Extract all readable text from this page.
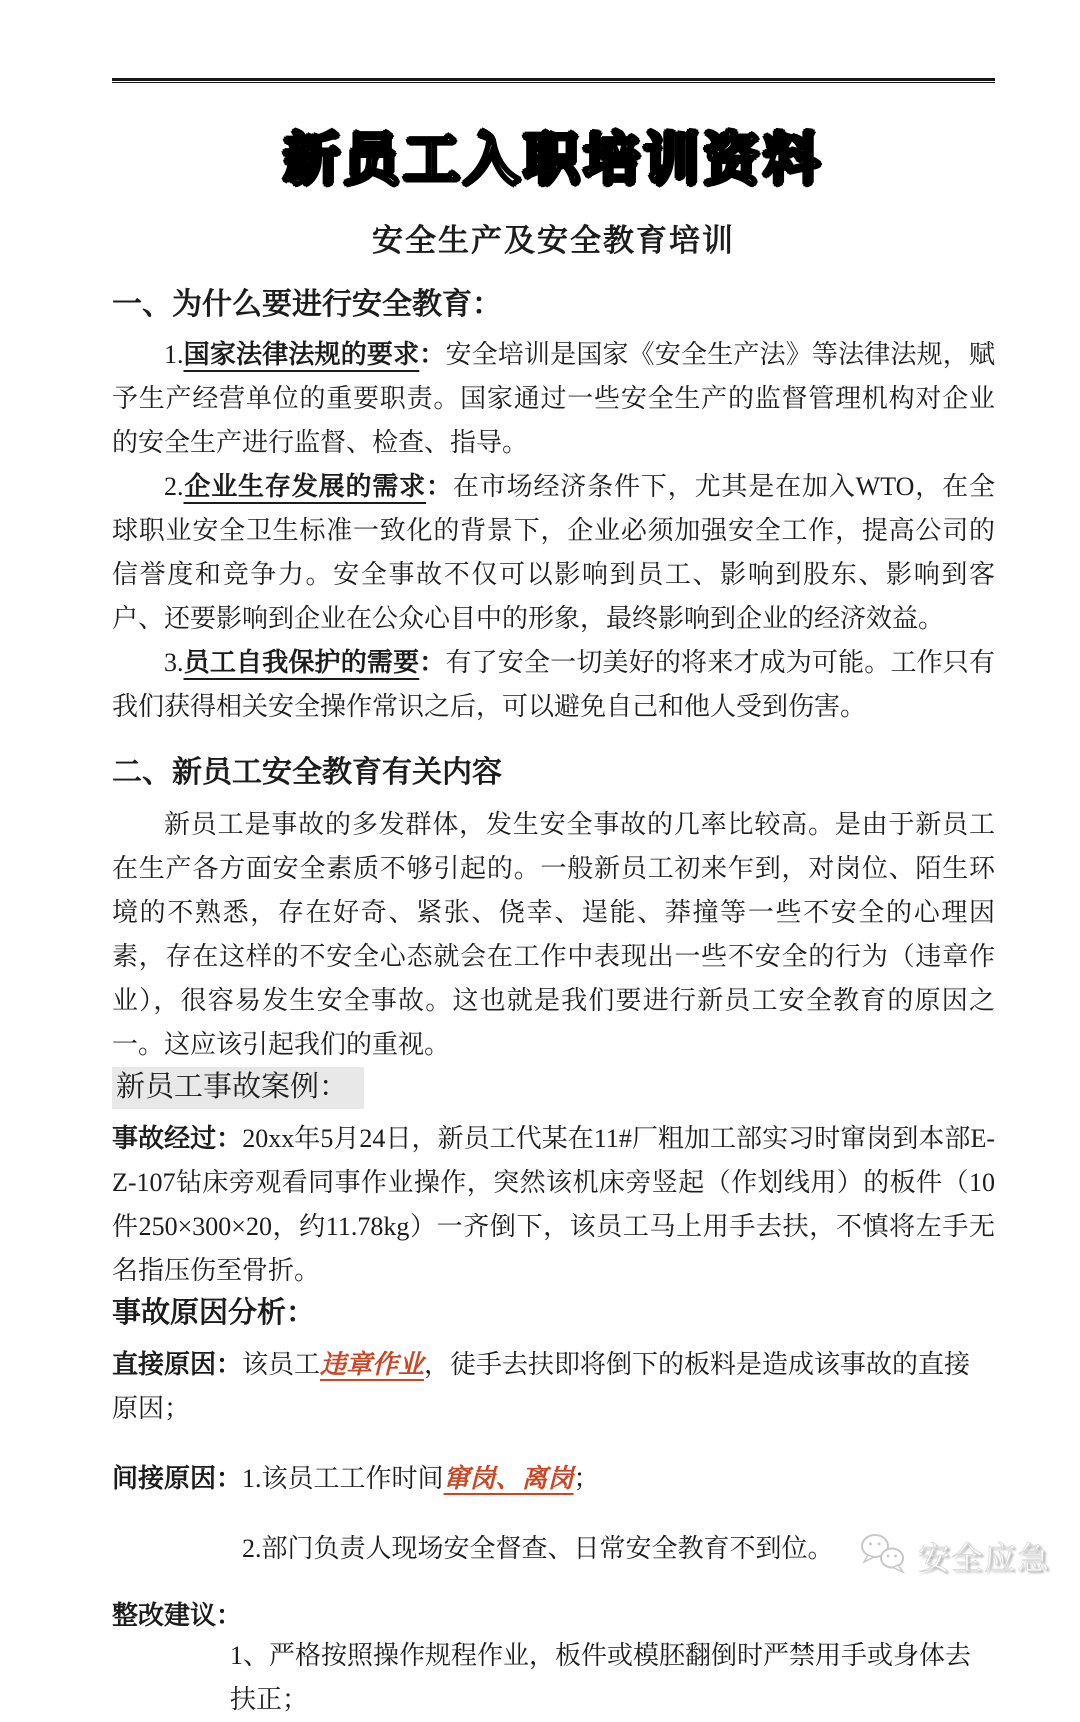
新员工入职培训资料
安全生产及安全教育培训
一、为什么要进行安全教育：

1.国家法律法规的要求：安全培训是国家《安全生产法》等法律法规，赋予生产经营单位的重要职责。国家通过一些安全生产的监督管理机构对企业的安全生产进行监督、检查、指导。

2.企业生存发展的需求：在市场经济条件下，尤其是在加入WTO，在全球职业安全卫生标准一致化的背景下，企业必须加强安全工作，提高公司的信誉度和竞争力。安全事故不仅可以影响到员工、影响到股东、影响到客户、还要影响到企业在公众心目中的形象，最终影响到企业的经济效益。

3.员工自我保护的需要：有了安全一切美好的将来才成为可能。工作只有我们获得相关安全操作常识之后，可以避免自己和他人受到伤害。

二、新员工安全教育有关内容

新员工是事故的多发群体，发生安全事故的几率比较高。是由于新员工在生产各方面安全素质不够引起的。一般新员工初来乍到，对岗位、陌生环境的不熟悉，存在好奇、紧张、侥幸、逞能、莽撞等一些不安全的心理因素，存在这样的不安全心态就会在工作中表现出一些不安全的行为（违章作业），很容易发生安全事故。这也就是我们要进行新员工安全教育的原因之一。这应该引起我们的重视。

新员工事故案例：

事故经过：20xx年5月24日，新员工代某在11#厂粗加工部实习时窜岗到本部E-Z-107钻床旁观看同事作业操作，突然该机床旁竖起（作划线用）的板件（10件250×300×20，约11.78kg）一齐倒下，该员工马上用手去扶，不慎将左手无名指压伤至骨折。

事故原因分析：

直接原因：该员工违章作业，徒手去扶即将倒下的板料是造成该事故的直接原因；

间接原因：1.该员工工作时间窜岗、离岗；

2.部门负责人现场安全督查、日常安全教育不到位。

整改建议：

1、严格按照操作规程作业，板件或模胚翻倒时严禁用手或身体去扶正；

安全应急
